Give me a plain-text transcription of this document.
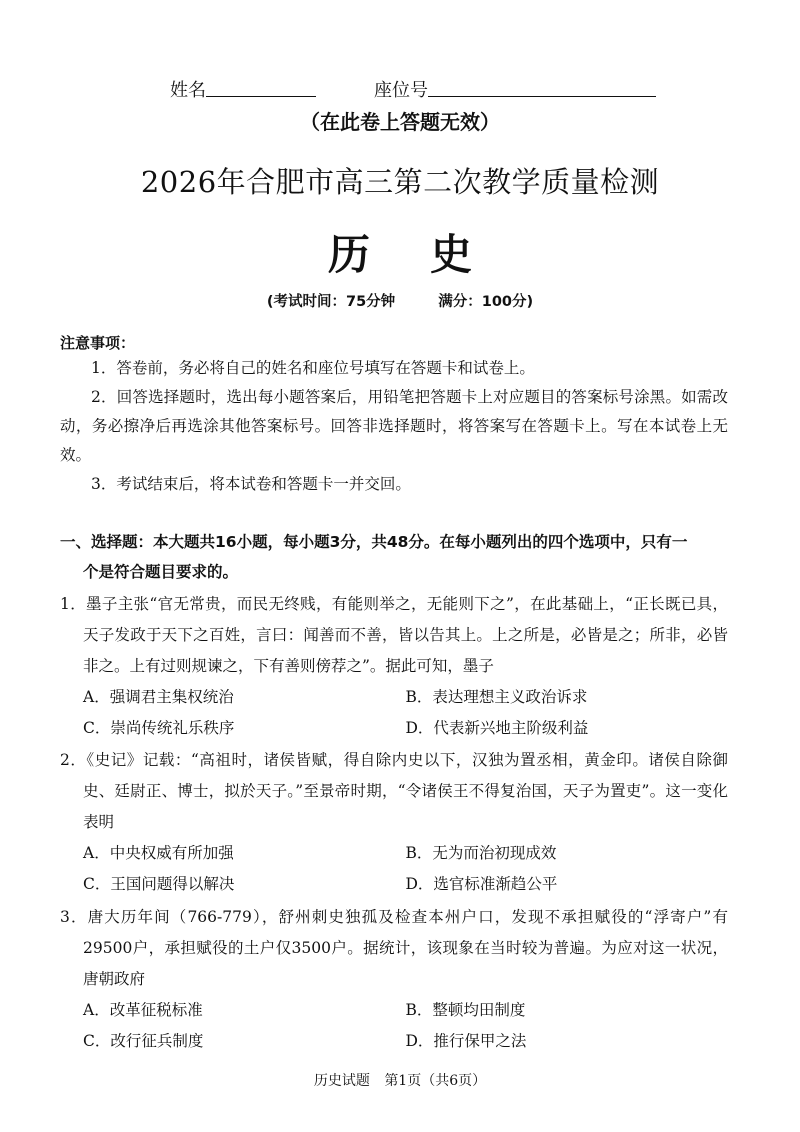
姓名	座位号
（在此卷上答题无效）
2026年合肥市高三第二次教学质量检测
历史
(考试时间：75分钟	满分：100分)
注意事项：
1．答卷前，务必将自己的姓名和座位号填写在答题卡和试卷上。
2．回答选择题时，选出每小题答案后，用铅笔把答题卡上对应题目的答案标号涂黑。如需改动，务必擦净后再选涂其他答案标号。回答非选择题时，将答案写在答题卡上。写在本试卷上无效。
3．考试结束后，将本试卷和答题卡一并交回。
一、选择题：本大题共16小题，每小题3分，共48分。在每小题列出的四个选项中，只有一
个是符合题目要求的。
1．墨子主张“官无常贵，而民无终贱，有能则举之，无能则下之”，在此基础上，“正长既已具，天子发政于天下之百姓，言曰：闻善而不善，皆以告其上。上之所是，必皆是之；所非，必皆非之。上有过则规谏之，下有善则傍荐之”。据此可知，墨子
A．强调君主集权统治	B．表达理想主义政治诉求
C．崇尚传统礼乐秩序	D．代表新兴地主阶级利益
2．《史记》记载：“高祖时，诸侯皆赋，得自除内史以下，汉独为置丞相，黄金印。诸侯自除御史、廷尉正、博士，拟於天子。”至景帝时期，“令诸侯王不得复治国，天子为置吏”。这一变化表明
A．中央权威有所加强	B．无为而治初现成效
C．王国问题得以解决	D．选官标准渐趋公平
3．唐大历年间（766-779），舒州刺史独孤及检查本州户口，发现不承担赋役的“浮寄户”有29500户，承担赋役的土户仅3500户。据统计，该现象在当时较为普遍。为应对这一状况，唐朝政府
A．改革征税标准	B．整顿均田制度
C．改行征兵制度	D．推行保甲之法
历史试题 第1页（共6页）
